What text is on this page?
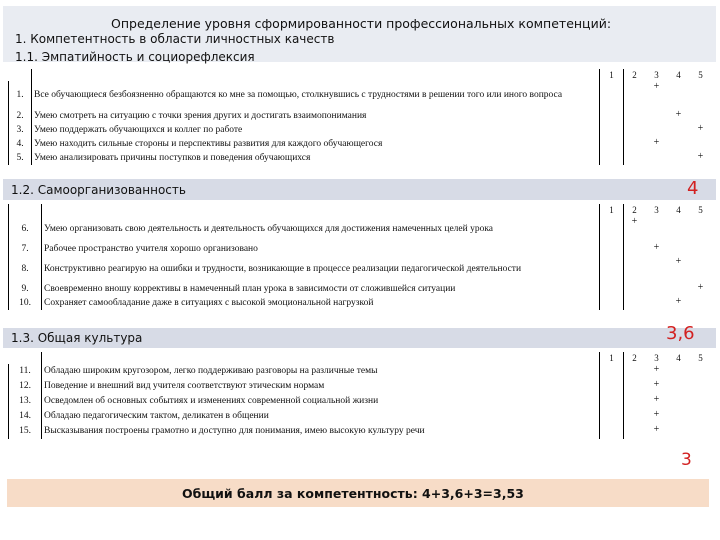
Определение уровня сформированности профессиональных компетенций:
1. Компетентность в области личностных качеств
1.1. Эмпатийность и социорефлексия
		1	2	3	4	5
1.	Все обучающиеся безбоязненно обращаются ко мне за помощью, столкнувшись с трудностями в решении того или иного вопроса			+		
2.	Умею смотреть на ситуацию с точки зрения других и достигать взаимопонимания				+	
3.	Умею поддержать обучающихся и коллег по работе					+
4.	Умею находить сильные стороны и перспективы развития для каждого обучающегося			+		
5.	Умею анализировать причины поступков и поведения обучающихся					+
1.2. Самоорганизованность	4
		1	2	3	4	5
6.	Умею организовать свою деятельность и деятельность обучающихся для достижения намеченных целей урока		+			
7.	Рабочее пространство учителя хорошо организовано			+		
8.	Конструктивно реагирую на ошибки и трудности, возникающие в процессе реализации педагогической деятельности				+	
9.	Своевременно вношу коррективы в намеченный план урока в зависимости от сложившейся ситуации					+
10.	Сохраняет самообладание даже в ситуациях с высокой эмоциональной нагрузкой				+	
1.3. Общая культура	3,6
		1	2	3	4	5
11.	Обладаю широким кругозором, легко поддерживаю разговоры на различные темы			+		
12.	Поведение и внешний вид учителя соответствуют этическим нормам			+		
13.	Осведомлен об основных событиях и изменениях современной социальной жизни			+		
14.	Обладаю педагогическим тактом, деликатен в общении			+		
15.	Высказывания построены грамотно и доступно для понимания, имею высокую культуру речи			+		
3
Общий балл за компетентность: 4+3,6+3=3,53
